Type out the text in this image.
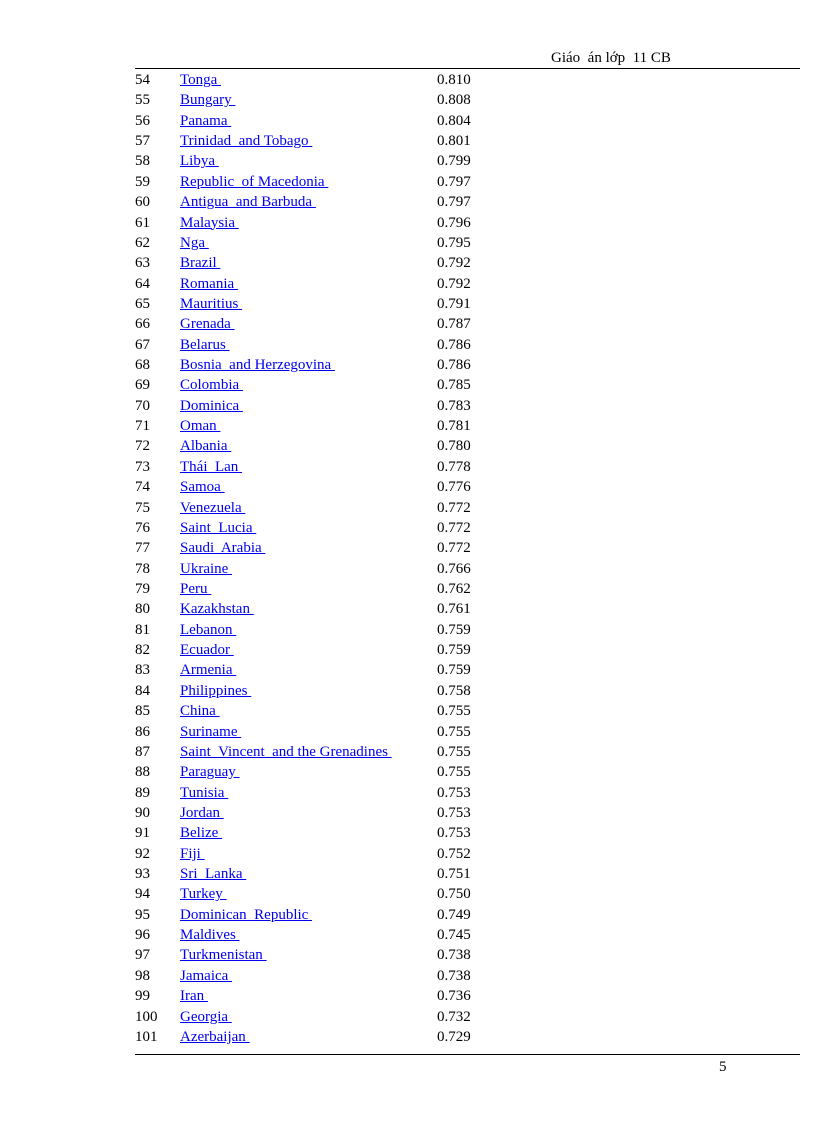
Giáo  án lớp  11 CB
54 Tonga	0.810
55 Bungary	0.808
56 Panama	0.804
57 Trinidad  and Tobago	0.801
58 Libya	0.799
59 Republic  of Macedonia	0.797
60 Antigua  and Barbuda	0.797
61 Malaysia	0.796
62 Nga	0.795
63 Brazil	0.792
64 Romania	0.792
65 Mauritius	0.791
66 Grenada	0.787
67 Belarus	0.786
68 Bosnia  and Herzegovina	0.786
69 Colombia	0.785
70 Dominica	0.783
71 Oman	0.781
72 Albania	0.780
73 Thái  Lan	0.778
74 Samoa	0.776
75 Venezuela	0.772
76 Saint  Lucia	0.772
77 Saudi  Arabia	0.772
78 Ukraine	0.766
79 Peru	0.762
80 Kazakhstan	0.761
81 Lebanon	0.759
82 Ecuador	0.759
83 Armenia	0.759
84 Philippines	0.758
85 China	0.755
86 Suriname	0.755
87 Saint  Vincent  and the Grenadines	0.755
88 Paraguay	0.755
89 Tunisia	0.753
90 Jordan	0.753
91 Belize	0.753
92 Fiji	0.752
93 Sri  Lanka	0.751
94 Turkey	0.750
95 Dominican  Republic	0.749
96 Maldives	0.745
97 Turkmenistan	0.738
98 Jamaica	0.738
99 Iran	0.736
100 Georgia	0.732
101 Azerbaijan	0.729
5
